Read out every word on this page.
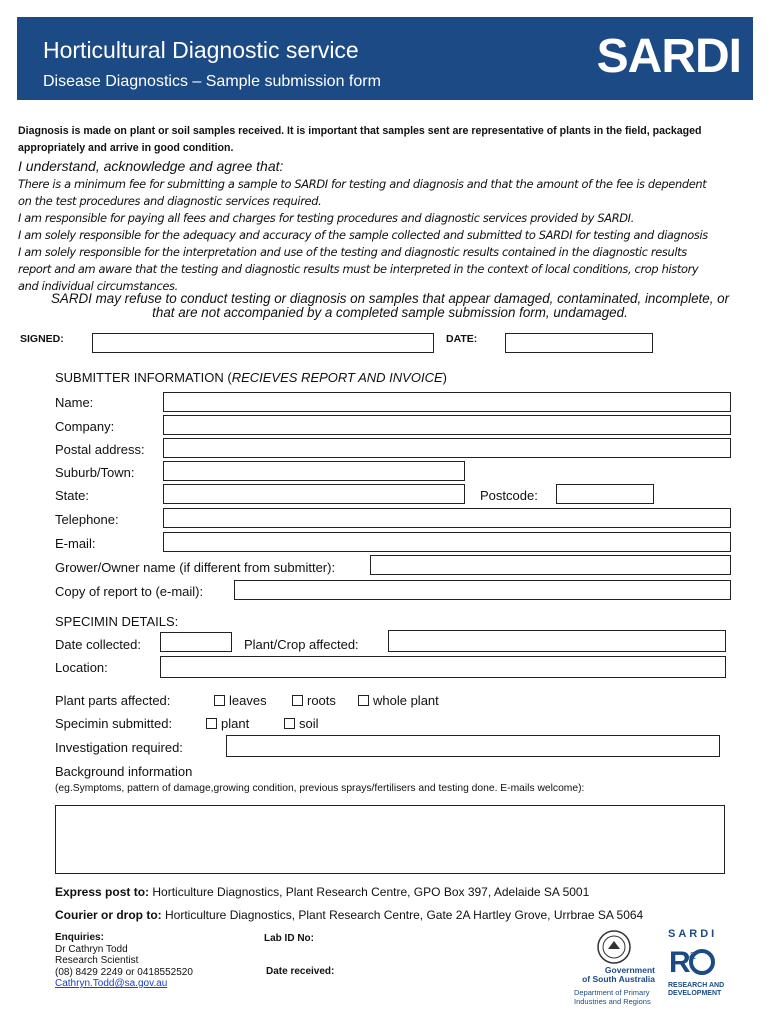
Horticultural Diagnostic service
Disease Diagnostics – Sample submission form	SARDI
Diagnosis is made on plant or soil samples received. It is important that samples sent are representative of plants in the field, packaged appropriately and arrive in good condition.
I understand, acknowledge and agree that:
There is a minimum fee for submitting a sample to SARDI for testing and diagnosis and that the amount of the fee is dependent
on the test procedures and diagnostic services required.
I am responsible for paying all fees and charges for testing procedures and diagnostic services provided by SARDI.
I am solely responsible for the adequacy and accuracy of the sample collected and submitted to SARDI for testing and diagnosis
I am solely responsible for the interpretation and use of the testing and diagnostic results contained in the diagnostic results
report and am aware that the testing and diagnostic results must be interpreted in the context of local conditions, crop history
and individual circumstances.
SARDI may refuse to conduct testing or diagnosis on samples that appear damaged, contaminated, incomplete, or
that are not accompanied by a completed sample submission form, undamaged.
SIGNED:	DATE:
SUBMITTER INFORMATION (RECIEVES REPORT AND INVOICE)
Name:
Company:
Postal address:
Suburb/Town:
State:	Postcode:
Telephone:
E-mail:
Grower/Owner name (if different from submitter):
Copy of report to (e-mail):
SPECIMIN DETAILS:
Date collected:	Plant/Crop affected:
Location:
Plant parts affected:	leaves	roots	whole plant
Specimin submitted:	plant	soil
Investigation required:
Background information
(eg.Symptoms, pattern of damage,growing condition, previous sprays/fertilisers and testing done. E-mails welcome):
Express post to: Horticulture Diagnostics, Plant Research Centre, GPO Box 397, Adelaide SA 5001
Courier or drop to: Horticulture Diagnostics, Plant Research Centre, Gate 2A Hartley Grove, Urrbrae SA 5064
Enquiries:
Dr Cathryn Todd
Research Scientist
(08) 8429 2249 or 0418552520
Cathryn.Todd@sa.gov.au
Lab ID No:
Date received:	Government
of South Australia
Department of Primary
Industries and Regions
SARDI
R
&
RESEARCH AND
DEVELOPMENT
